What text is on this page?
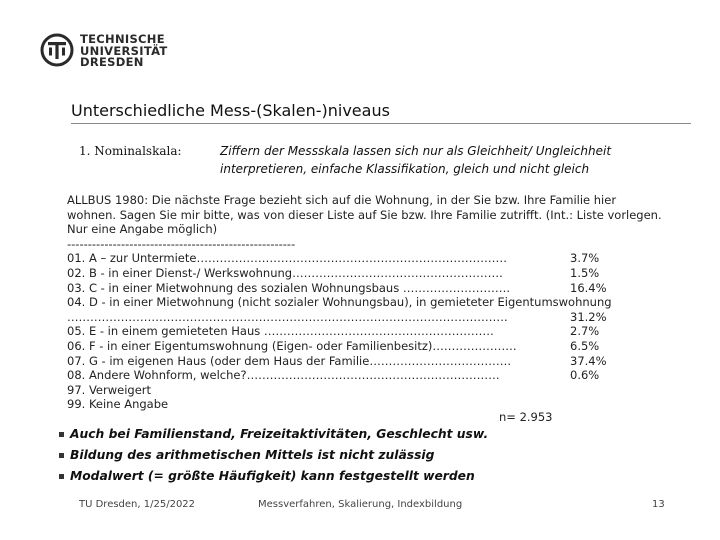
TECHNISCHE
UNIVERSITÄT
DRESDEN
Unterschiedliche Mess-(Skalen-)niveaus
1. Nominalskala:	Ziffern der Messskala lassen sich nur als Gleichheit/ Ungleichheit interpretieren, einfache Klassifikation, gleich und nicht gleich
ALLBUS 1980: Die nächste Frage bezieht sich auf die Wohnung, in der Sie bzw. Ihre Familie hier wohnen. Sagen Sie mir bitte, was von dieser Liste auf Sie bzw. Ihre Familie zutrifft. (Int.: Liste vorlegen. Nur eine Angabe möglich)
-------------------------------------------------------
01. A – zur Untermiete………………………………………………………………………	3.7%
02. B - in einer Dienst-/ Werkswohnung……………………………………………….	1.5%
03. C - in einer Mietwohnung des sozialen Wohnungsbaus ……………………….	16.4%
04. D - in einer Mietwohnung (nicht sozialer Wohnungsbau), in gemieteter Eigentumswohnung
…………………………………………………………………………………………………….	31.2%
05. E - in einem gemieteten Haus ……………………………………………………	2.7%
06. F - in einer Eigentumswohnung (Eigen- oder Familienbesitz)………………….	6.5%
07. G - im eigenen Haus (oder dem Haus der Familie……………………………….	37.4%
08. Andere Wohnform, welche?…………………………………………………………	0.6%
97. Verweigert
99. Keine Angabe
n= 2.953
Auch bei Familienstand, Freizeitaktivitäten, Geschlecht usw.
Bildung des arithmetischen Mittels ist nicht zulässig
Modalwert (= größte Häufigkeit) kann festgestellt werden
TU Dresden, 1/25/2022	Messverfahren, Skalierung, Indexbildung	13
